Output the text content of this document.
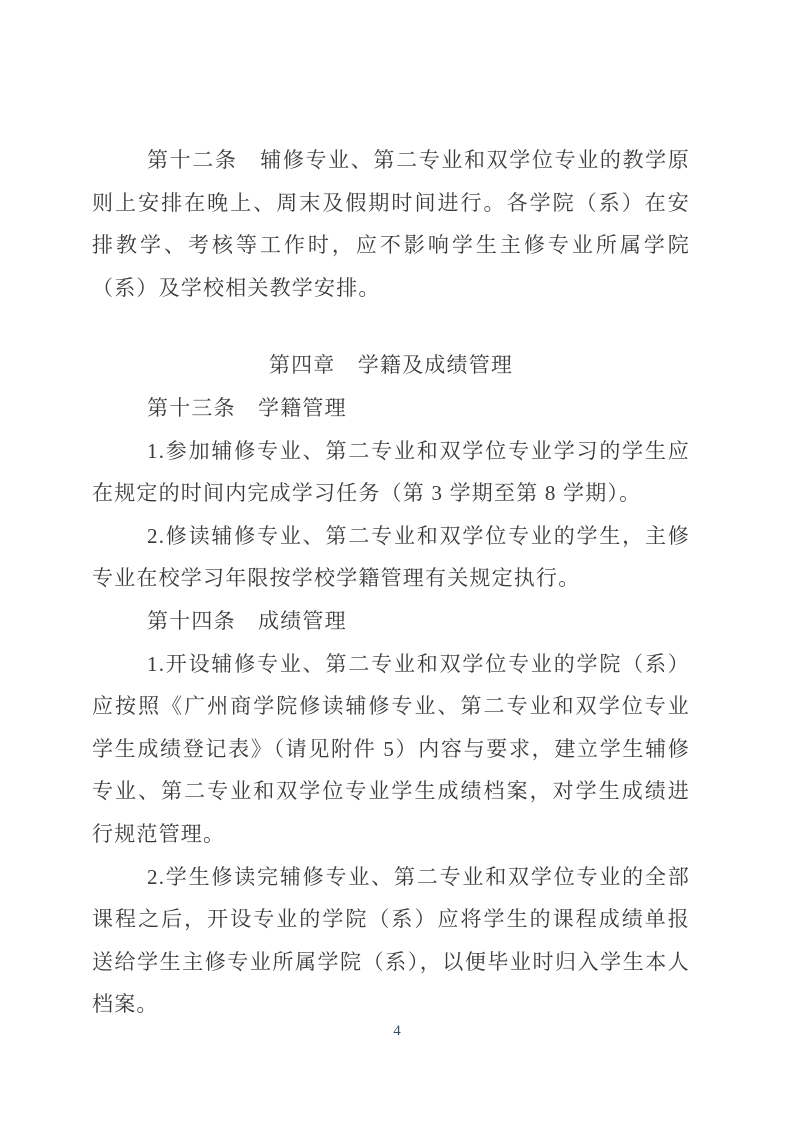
第十二条　辅修专业、第二专业和双学位专业的教学原则上安排在晚上、周末及假期时间进行。各学院（系）在安排教学、考核等工作时，应不影响学生主修专业所属学院（系）及学校相关教学安排。

第四章　学籍及成绩管理

第十三条　学籍管理

1.参加辅修专业、第二专业和双学位专业学习的学生应在规定的时间内完成学习任务（第 3 学期至第 8 学期）。

2.修读辅修专业、第二专业和双学位专业的学生，主修专业在校学习年限按学校学籍管理有关规定执行。

第十四条　成绩管理

1.开设辅修专业、第二专业和双学位专业的学院（系）应按照《广州商学院修读辅修专业、第二专业和双学位专业学生成绩登记表》（请见附件 5）内容与要求，建立学生辅修专业、第二专业和双学位专业学生成绩档案，对学生成绩进行规范管理。

2.学生修读完辅修专业、第二专业和双学位专业的全部课程之后，开设专业的学院（系）应将学生的课程成绩单报送给学生主修专业所属学院（系），以便毕业时归入学生本人档案。

4
